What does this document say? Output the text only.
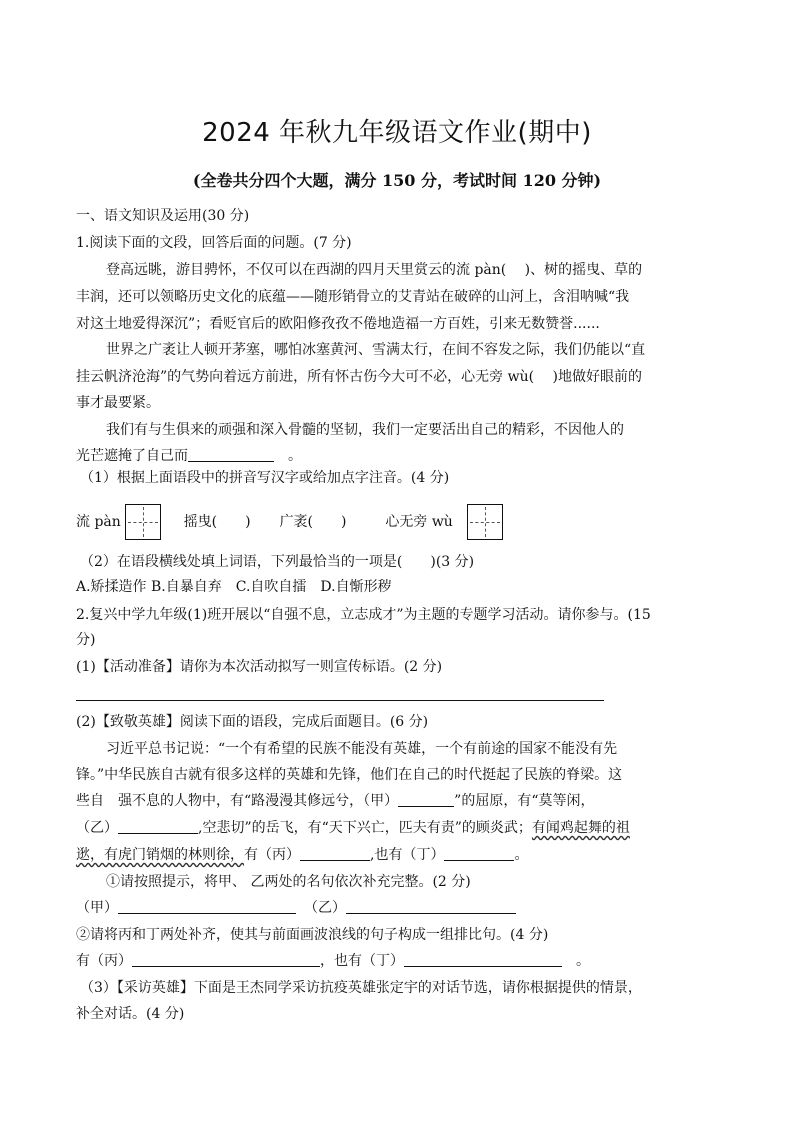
2024 年秋九年级语文作业(期中)
(全卷共分四个大题，满分 150 分，考试时间 120 分钟)
一、语文知识及运用(30 分)
1.阅读下面的文段，回答后面的问题。(7 分)
登高远眺，游目骋怀，不仅可以在西湖的四月天里赏云的流 pàn(　 )、树的摇曳、草的
丰润，还可以领略历史文化的底蕴——随形销骨立的艾青站在破碎的山河上，含泪呐喊“我
对这土地爱得深沉”；看贬官后的欧阳修孜孜不倦地造福一方百姓，引来无数赞誉......
世界之广袤让人顿开茅塞，哪怕冰塞黄河、雪满太行，在间不容发之际，我们仍能以“直
挂云帆济沧海”的气势向着远方前进，所有怀古伤今大可不必，心无旁 wù(　 )地做好眼前的
事才最要紧。
我们有与生俱来的顽强和深入骨髓的坚韧，我们一定要活出自己的精彩，不因他人的
光芒遮掩了自己而　	。
（1）根据上面语段中的拼音写汉字或给加点字注音。(4 分)
流 pàn	摇曳(　　) 广袤(　　)	心无旁 wù
（2）在语段横线处填上词语，下列最恰当的一项是(　　)(3 分)
A.矫揉造作 B.自暴自弃　C.自吹自擂　D.自惭形秽
2.复兴中学九年级(1)班开展以“自强不息，立志成才”为主题的专题学习活动。请你参与。(15
分)
(1)【活动准备】请你为本次活动拟写一则宣传标语。(2 分)
(2)【致敬英雄】阅读下面的语段，完成后面题目。(6 分)
习近平总书记说：“一个有希望的民族不能没有英雄，一个有前途的国家不能没有先
锋。”中华民族自古就有很多这样的英雄和先锋，他们在自己的时代挺起了民族的脊梁。这
些自　强不息的人物中，有“路漫漫其修远兮，（甲）	”的屈原，有“莫等闲，
（乙）	,空悲切”的岳飞，有“天下兴亡，匹夫有责”的顾炎武；有闻鸡起舞的祖
逖，有虎门销烟的林则徐，有（丙）	,也有（丁）	。
①请按照提示，将甲、 乙两处的名句依次补充完整。(2 分)
（甲）	（乙）
②请将丙和丁两处补齐，使其与前面画波浪线的句子构成一组排比句。(4 分)
有（丙）	，也有（丁）　	。
（3）【采访英雄】下面是王杰同学采访抗疫英雄张定宇的对话节选，请你根据提供的情景，
补全对话。(4 分)
